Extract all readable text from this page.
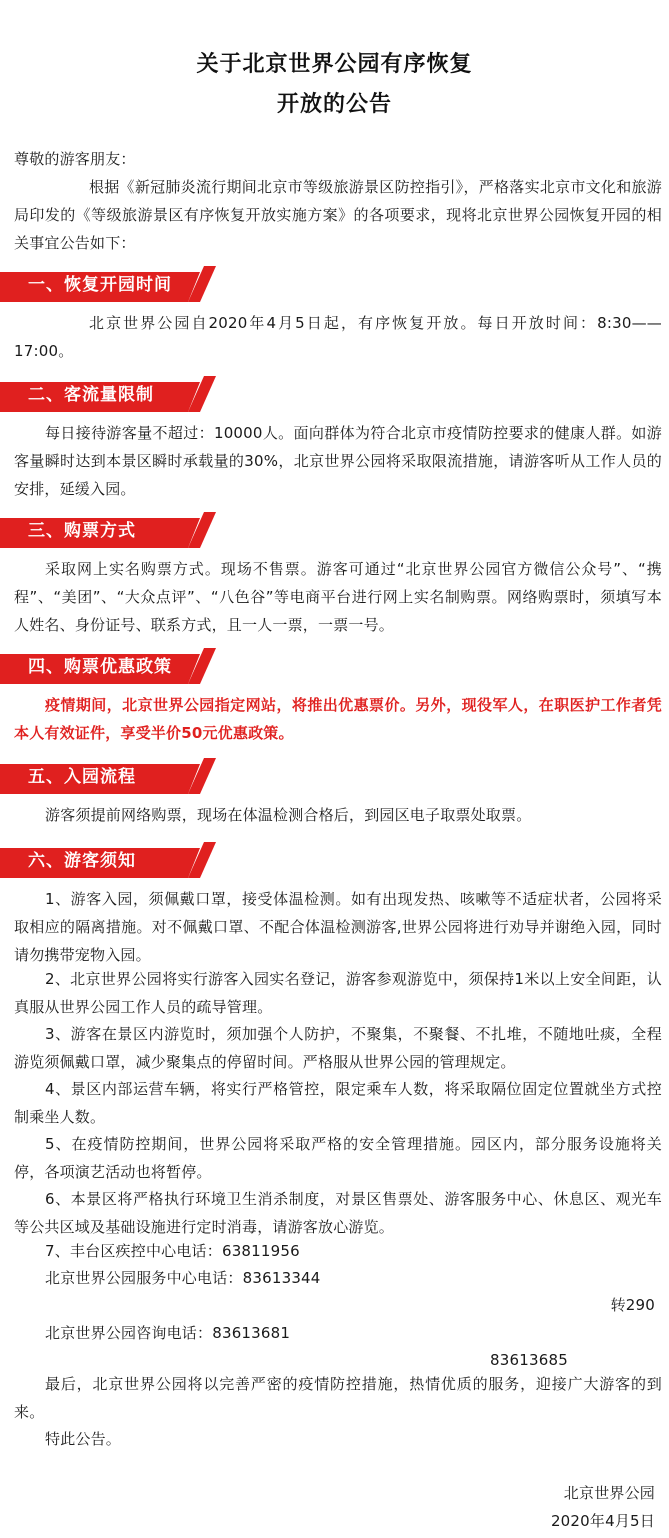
关于北京世界公园有序恢复
开放的公告

尊敬的游客朋友：

根据《新冠肺炎流行期间北京市等级旅游景区防控指引》，严格落实北京市文化和旅游局印发的《等级旅游景区有序恢复开放实施方案》的各项要求，现将北京世界公园恢复开园的相关事宜公告如下：

一、恢复开园时间

北京世界公园自2020年4月5日起，有序恢复开放。每日开放时间：8:30——17:00。

二、客流量限制

每日接待游客量不超过：10000人。面向群体为符合北京市疫情防控要求的健康人群。如游客量瞬时达到本景区瞬时承载量的30%，北京世界公园将采取限流措施，请游客听从工作人员的安排，延缓入园。

三、购票方式

采取网上实名购票方式。现场不售票。游客可通过“北京世界公园官方微信公众号”、“携程”、“美团”、“大众点评”、“八色谷”等电商平台进行网上实名制购票。网络购票时，须填写本人姓名、身份证号、联系方式，且一人一票，一票一号。

四、购票优惠政策

疫情期间，北京世界公园指定网站，将推出优惠票价。另外，现役军人，在职医护工作者凭本人有效证件，享受半价50元优惠政策。

五、入园流程

游客须提前网络购票，现场在体温检测合格后，到园区电子取票处取票。

六、游客须知

1、游客入园，须佩戴口罩，接受体温检测。如有出现发热、咳嗽等不适症状者，公园将采取相应的隔离措施。对不佩戴口罩、不配合体温检测游客,世界公园将进行劝导并谢绝入园，同时请勿携带宠物入园。

2、北京世界公园将实行游客入园实名登记，游客参观游览中，须保持1米以上安全间距，认真服从世界公园工作人员的疏导管理。

3、游客在景区内游览时，须加强个人防护，不聚集，不聚餐、不扎堆，不随地吐痰，全程游览须佩戴口罩，减少聚集点的停留时间。严格服从世界公园的管理规定。

4、景区内部运营车辆，将实行严格管控，限定乘车人数，将采取隔位固定位置就坐方式控制乘坐人数。

5、在疫情防控期间，世界公园将采取严格的安全管理措施。园区内，部分服务设施将关停，各项演艺活动也将暂停。

6、本景区将严格执行环境卫生消杀制度，对景区售票处、游客服务中心、休息区、观光车等公共区域及基础设施进行定时消毒，请游客放心游览。

7、丰台区疾控中心电话：63811956
北京世界公园服务中心电话：83613344
转290
北京世界公园咨询电话：83613681
83613685

最后，北京世界公园将以完善严密的疫情防控措施，热情优质的服务，迎接广大游客的到来。

特此公告。
北京世界公园
2020年4月5日
